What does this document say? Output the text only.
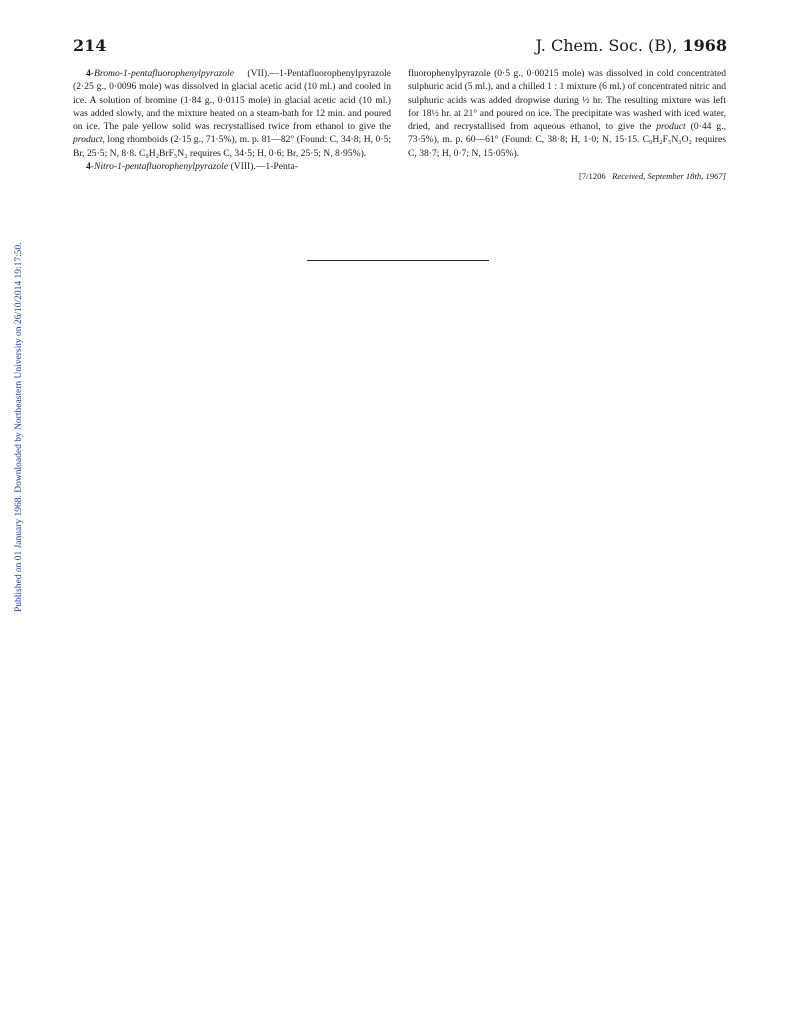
214	J. Chem. Soc. (B), 1968
Published on 01 January 1968. Downloaded by Northeastern University on 26/10/2014 19:17:50.

4-Bromo-1-pentafluorophenylpyrazole (VII).—1-Pentafluorophenylpyrazole (2·25 g., 0·0096 mole) was dissolved in glacial acetic acid (10 ml.) and cooled in ice. A solution of bromine (1·84 g., 0·0115 mole) in glacial acetic acid (10 ml.) was added slowly, and the mixture heated on a steam-bath for 12 min. and poured on ice. The pale yellow solid was recrystallised twice from ethanol to give the product, long rhomboids (2·15 g., 71·5%), m. p. 81—82° (Found: C, 34·8; H, 0·5; Br, 25·5; N, 8·8. C₉H₂BrF₅N₂ requires C, 34·5; H, 0·6; Br, 25·5; N, 8·95%).

4-Nitro-1-pentafluorophenylpyrazole (VIII).—1-Penta-

fluorophenylpyrazole (0·5 g., 0·00215 mole) was dissolved in cold concentrated sulphuric acid (5 ml.), and a chilled 1 : 1 mixture (6 ml.) of concentrated nitric and sulphuric acids was added dropwise during ½ hr. The resulting mixture was left for 18½ hr. at 21° and poured on ice. The precipitate was washed with iced water, dried, and recrystallised from aqueous ethanol, to give the product (0·44 g., 73·5%), m. p. 60—61° (Found: C, 38·8; H, 1·0; N, 15·15. C₉H₂F₅N₃O₂ requires C, 38·7; H, 0·7; N, 15·05%).

[7/1206 Received, September 18th, 1967]
